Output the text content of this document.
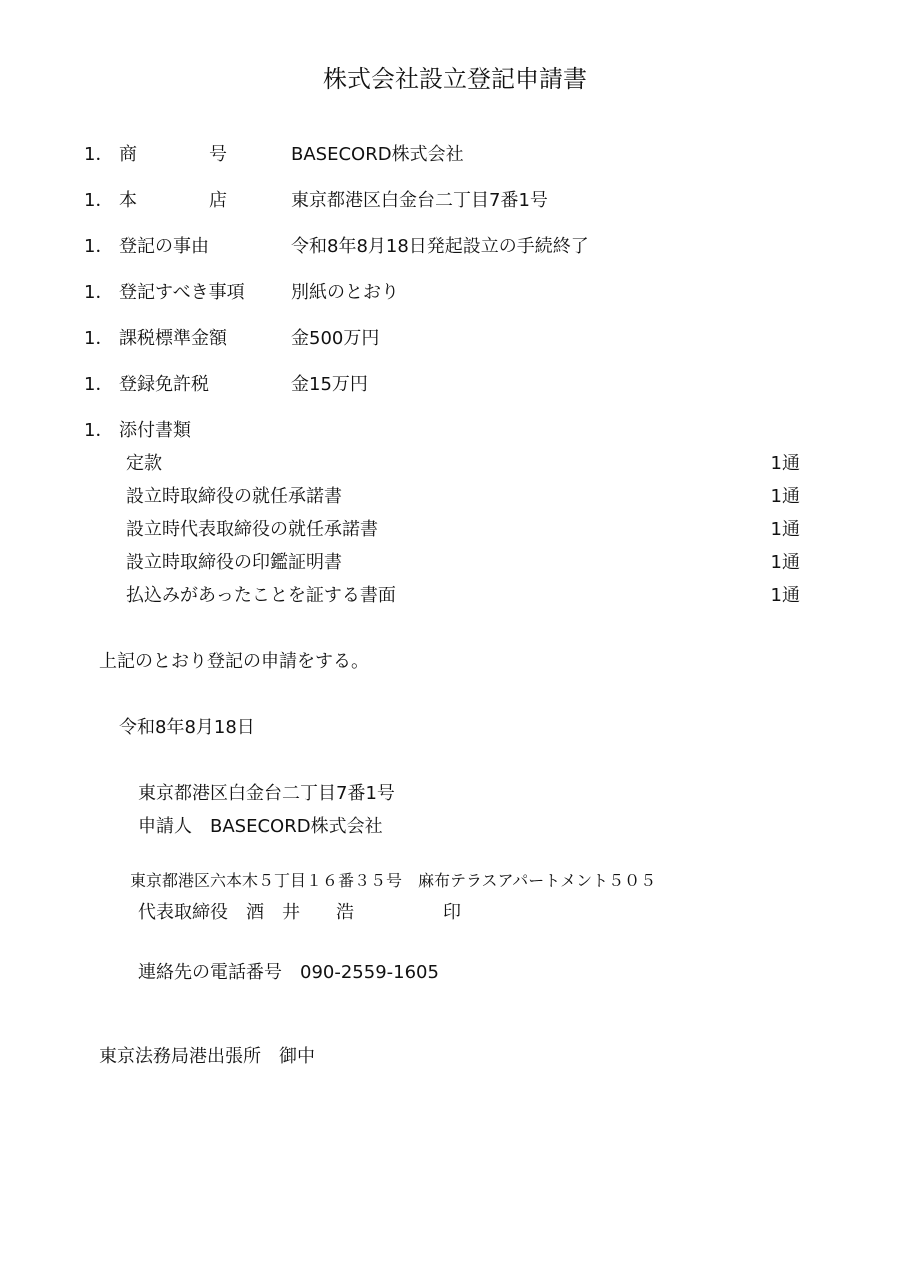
株式会社設立登記申請書
1． 商　　　　号	BASECORD株式会社
1． 本　　　　店	東京都港区白金台二丁目7番1号
1． 登記の事由	令和8年8月18日発起設立の手続終了
1． 登記すべき事項	別紙のとおり
1． 課税標準金額	金500万円
1． 登録免許税	金15万円
1． 添付書類
定款	1通
設立時取締役の就任承諾書	1通
設立時代表取締役の就任承諾書	1通
設立時取締役の印鑑証明書	1通
払込みがあったことを証する書面	1通
上記のとおり登記の申請をする。
令和8年8月18日
東京都港区白金台二丁目7番1号
申請人　BASECORD株式会社
東京都港区六本木５丁目１６番３５号　麻布テラスアパートメント５０５
代表取締役　酒　井　　浩	印
連絡先の電話番号　090-2559-1605
東京法務局港出張所　御中
